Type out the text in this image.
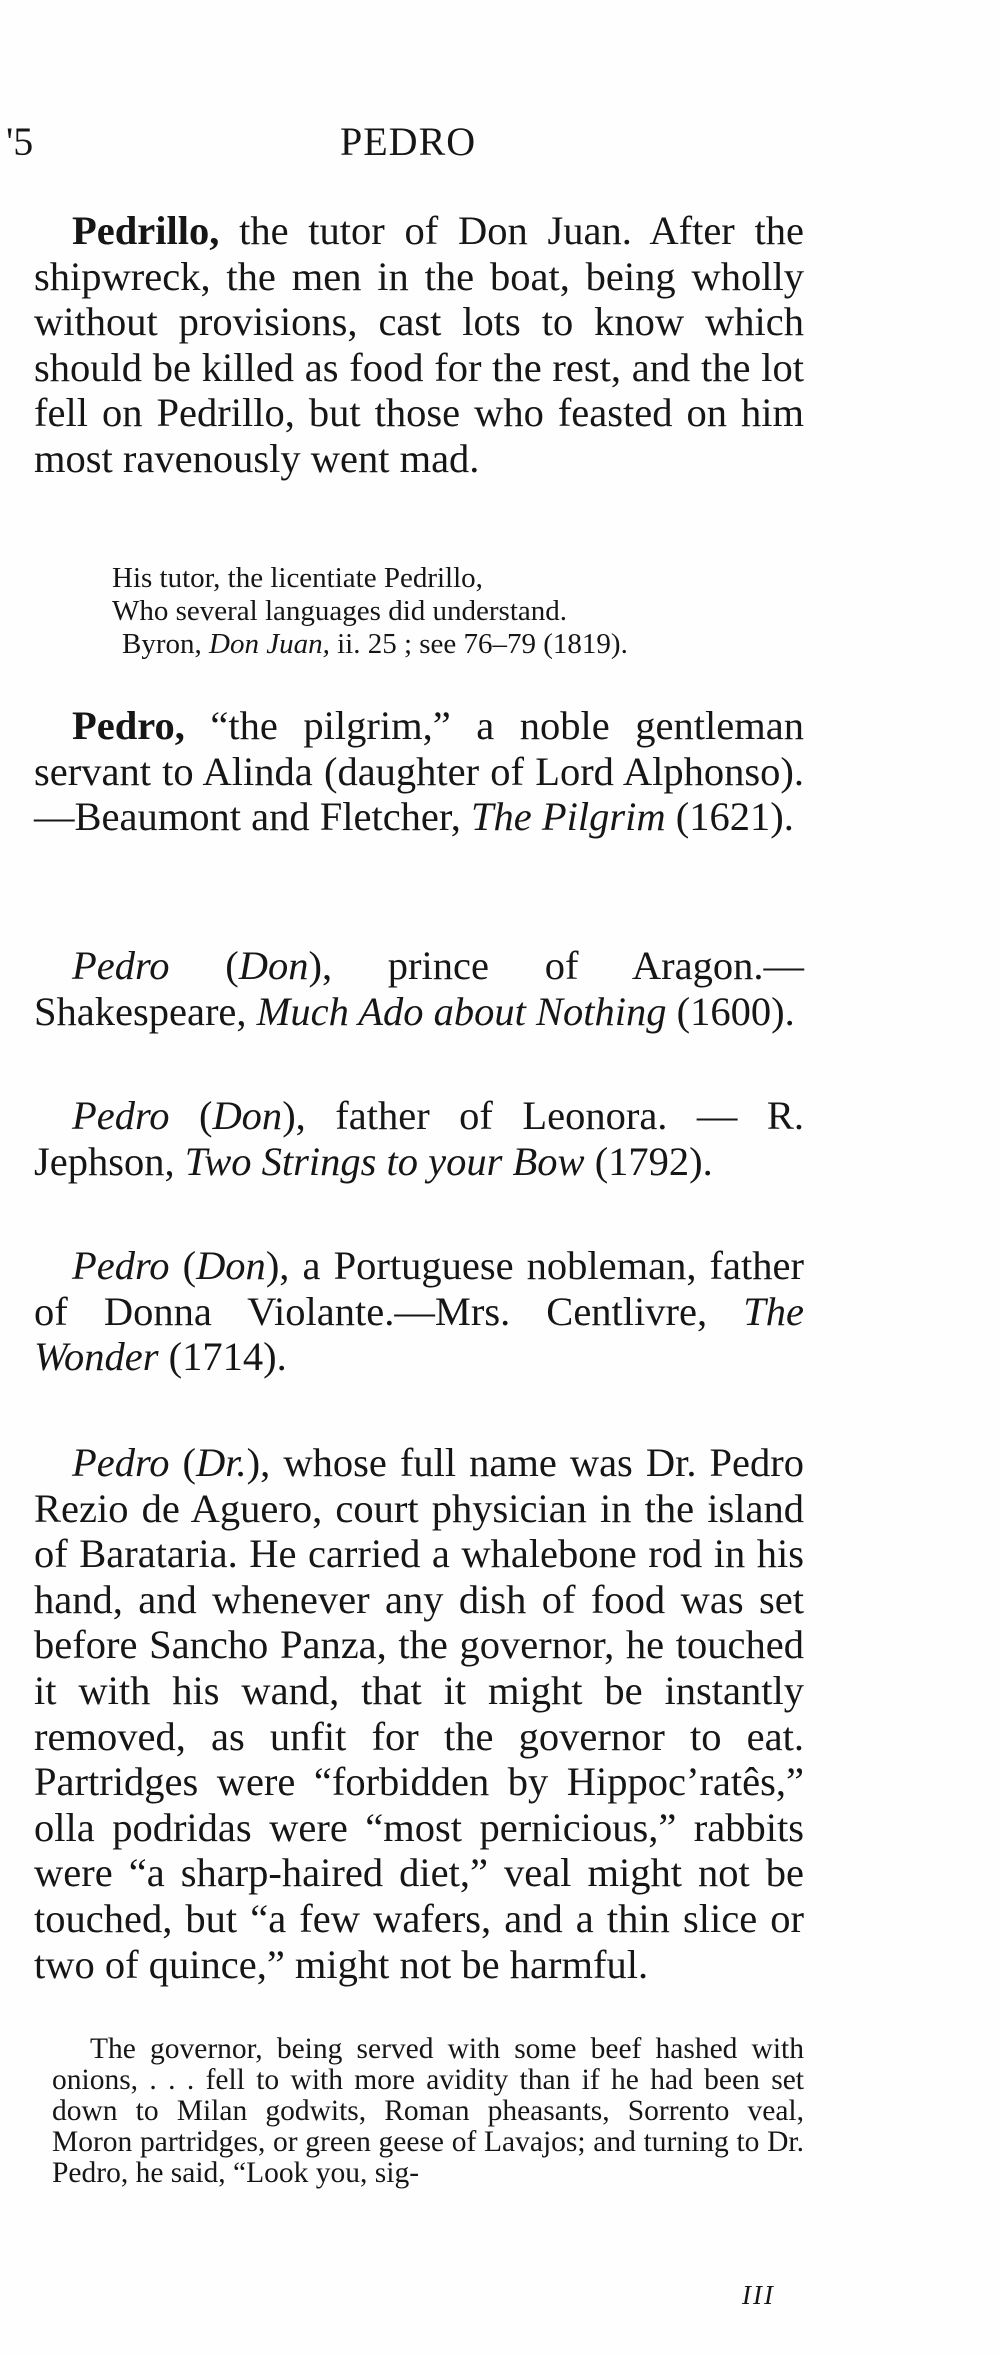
'5	PEDRO

Pedrillo, the tutor of Don Juan. After the shipwreck, the men in the boat, being wholly without provisions, cast lots to know which should be killed as food for the rest, and the lot fell on Pedrillo, but those who feasted on him most ravenously went mad.

His tutor, the licentiate Pedrillo,
Who several languages did understand.
Byron, Don Juan, ii. 25 ; see 76–79 (1819).

Pedro, “the pilgrim,” a noble gentleman servant to Alinda (daughter of Lord Alphonso).—Beaumont and Fletcher, The Pilgrim (1621).

Pedro (Don), prince of Aragon.—Shakespeare, Much Ado about Nothing (1600).

Pedro (Don), father of Leonora. — R. Jephson, Two Strings to your Bow (1792).

Pedro (Don), a Portuguese nobleman, father of Donna Violante.—Mrs. Centlivre, The Wonder (1714).

Pedro (Dr.), whose full name was Dr. Pedro Rezio de Aguero, court physician in the island of Barataria. He carried a whalebone rod in his hand, and whenever any dish of food was set before Sancho Panza, the governor, he touched it with his wand, that it might be instantly removed, as unfit for the governor to eat. Partridges were “forbidden by Hippoc’ratês,” olla podridas were “most pernicious,” rabbits were “a sharp-haired diet,” veal might not be touched, but “a few wafers, and a thin slice or two of quince,” might not be harmful.

The governor, being served with some beef hashed with onions, . . . fell to with more avidity than if he had been set down to Milan godwits, Roman pheasants, Sorrento veal, Moron partridges, or green geese of Lavajos; and turning to Dr. Pedro, he said, “Look you, sig-

III
